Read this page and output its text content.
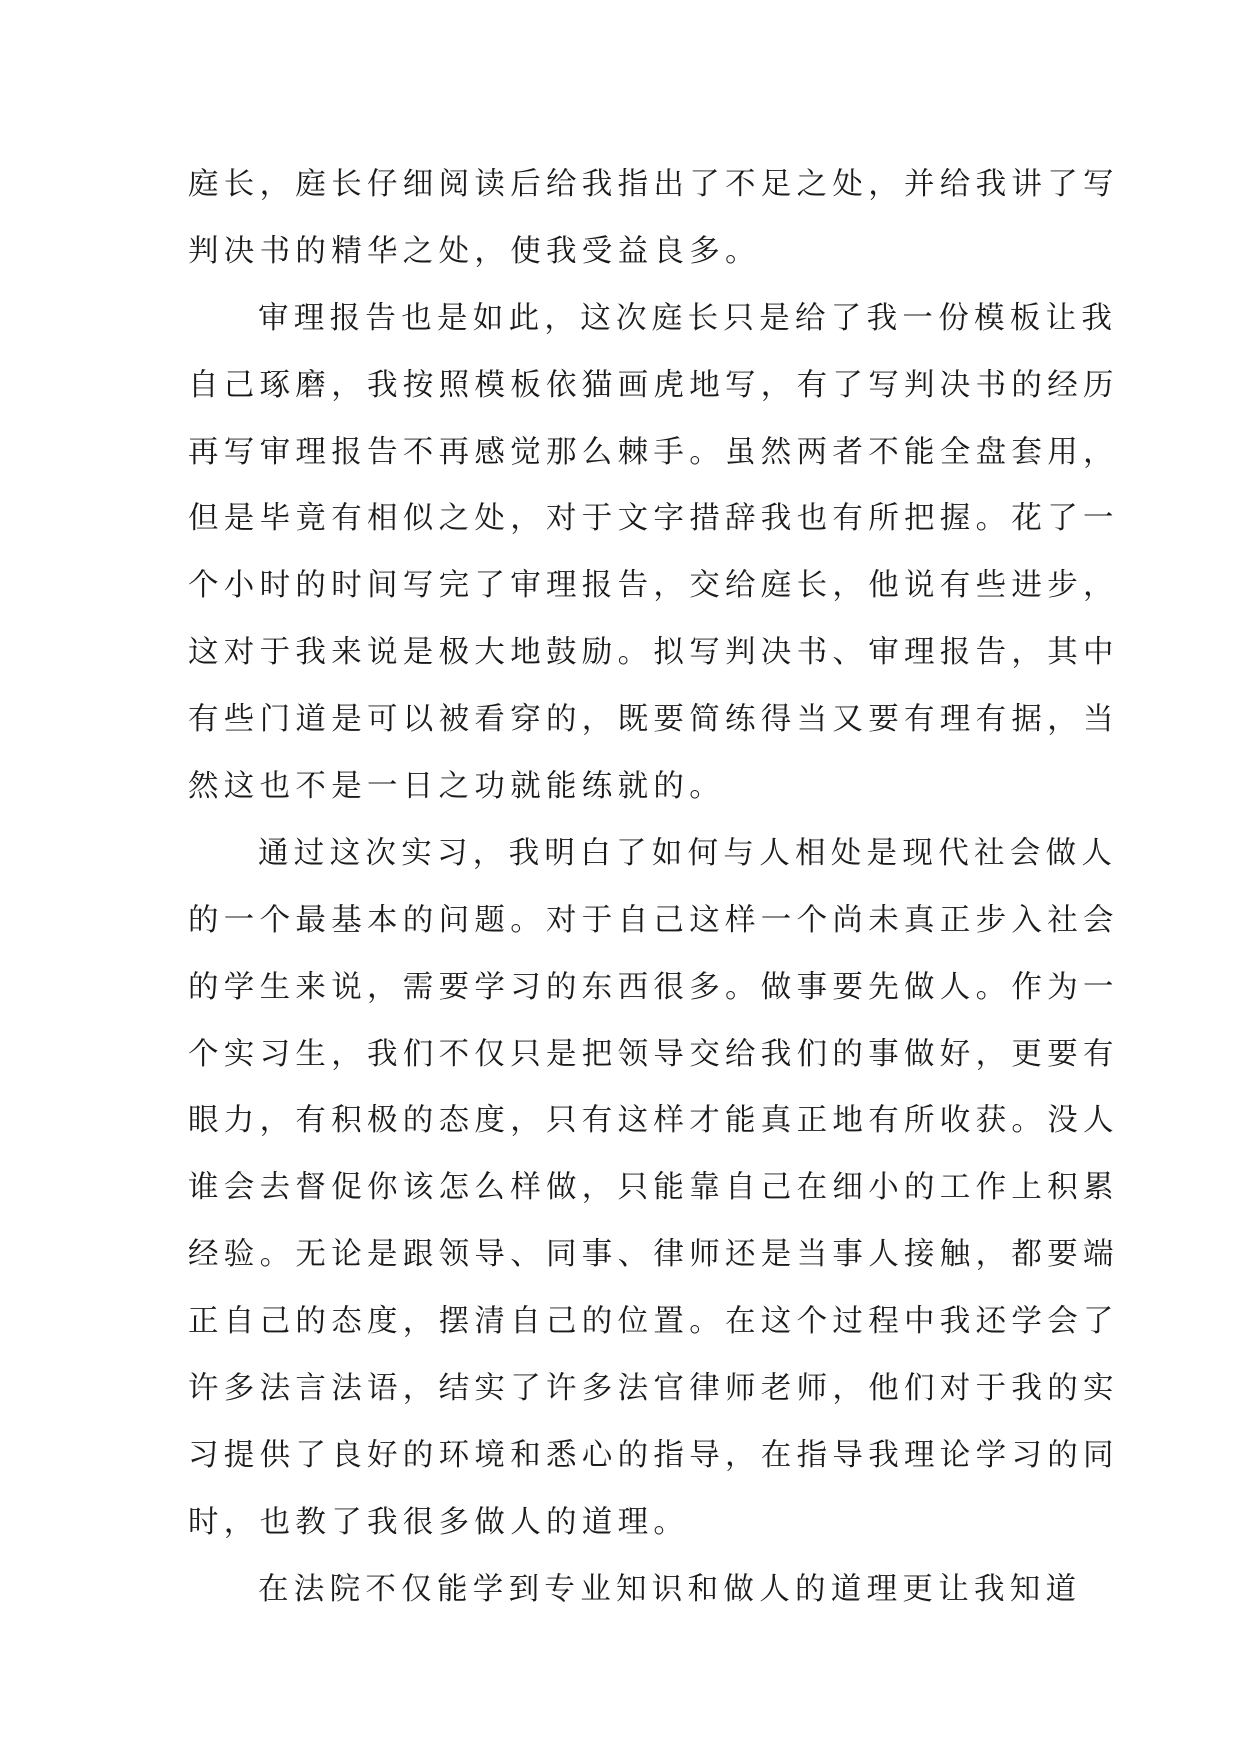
庭长，庭长仔细阅读后给我指出了不足之处，并给我讲了写
判决书的精华之处，使我受益良多。
审理报告也是如此，这次庭长只是给了我一份模板让我
自己琢磨，我按照模板依猫画虎地写，有了写判决书的经历
再写审理报告不再感觉那么棘手。虽然两者不能全盘套用，
但是毕竟有相似之处，对于文字措辞我也有所把握。花了一
个小时的时间写完了审理报告，交给庭长，他说有些进步，
这对于我来说是极大地鼓励。拟写判决书、审理报告，其中
有些门道是可以被看穿的，既要简练得当又要有理有据，当
然这也不是一日之功就能练就的。
通过这次实习，我明白了如何与人相处是现代社会做人
的一个最基本的问题。对于自己这样一个尚未真正步入社会
的学生来说，需要学习的东西很多。做事要先做人。作为一
个实习生，我们不仅只是把领导交给我们的事做好，更要有
眼力，有积极的态度，只有这样才能真正地有所收获。没人
谁会去督促你该怎么样做，只能靠自己在细小的工作上积累
经验。无论是跟领导、同事、律师还是当事人接触，都要端
正自己的态度，摆清自己的位置。在这个过程中我还学会了
许多法言法语，结实了许多法官律师老师，他们对于我的实
习提供了良好的环境和悉心的指导，在指导我理论学习的同
时，也教了我很多做人的道理。
在法院不仅能学到专业知识和做人的道理更让我知道
